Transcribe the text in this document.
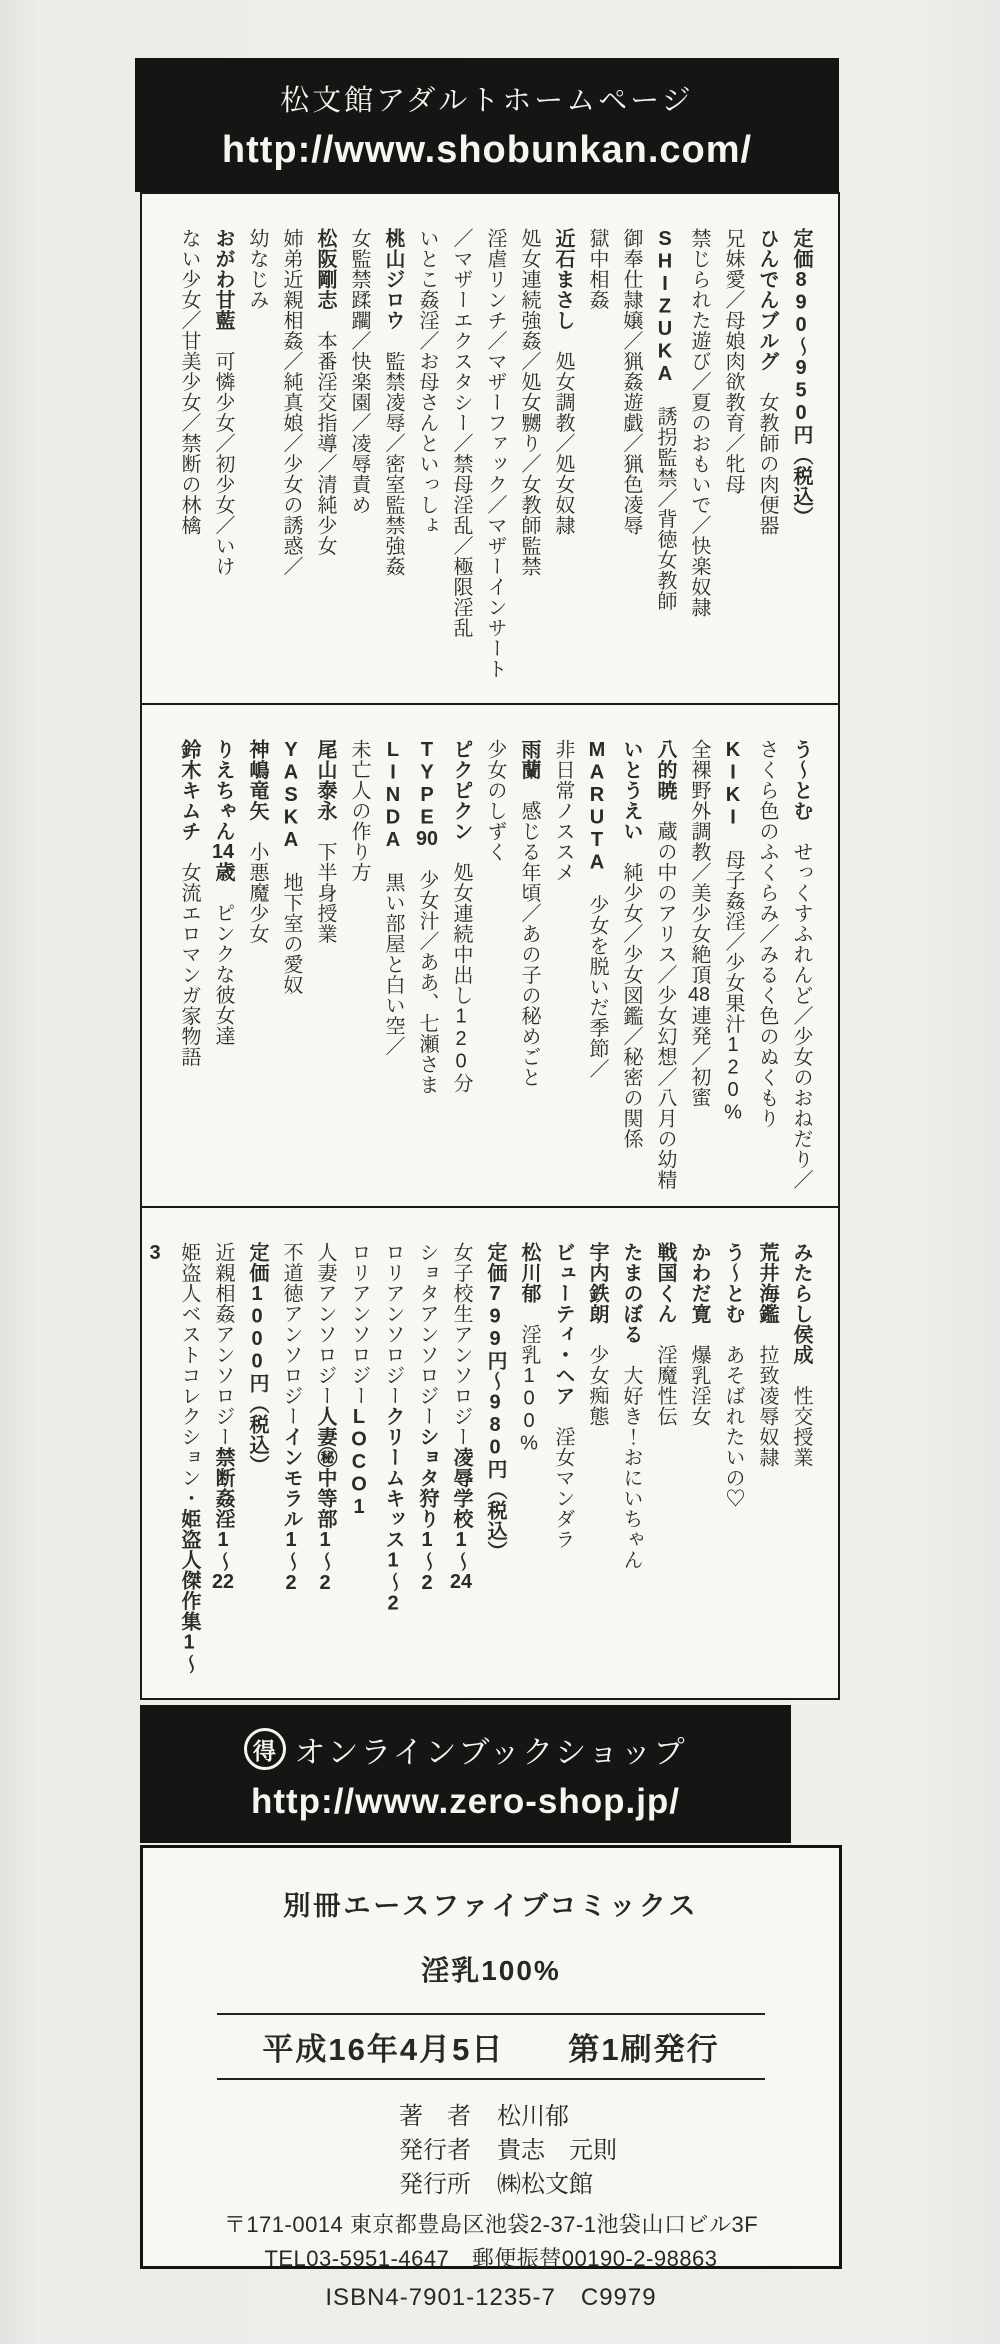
松文館アダルトホームページ
http://www.shobunkan.com/
定価890〜950円（税込）
ひんでんブルグ　女教師の肉便器
兄妹愛／母娘肉欲教育／牝母
禁じられた遊び／夏のおもいで／快楽奴隷
SHIZUKA　誘拐監禁／背徳女教師
御奉仕隷嬢／猟姦遊戯／猟色凌辱
獄中相姦
近石まさし　処女調教／処女奴隷
処女連続強姦／処女嬲り／女教師監禁
淫虐リンチ／マザーファック／マザーインサート
／マザーエクスタシー／禁母淫乱／極限淫乱
いとこ姦淫／お母さんといっしょ
桃山ジロウ　監禁凌辱／密室監禁強姦
女監禁蹂躙／快楽園／凌辱責め
松阪剛志　本番淫交指導／清純少女
姉弟近親相姦／純真娘／少女の誘惑／
幼なじみ
おがわ甘藍　可憐少女／初少女／いけ
ない少女／甘美少女／禁断の林檎
う〜とむ　せっくすふれんど／少女のおねだり／
さくら色のふくらみ／みるく色のぬくもり
KIKI　母子姦淫／少女果汁120%
全裸野外調教／美少女絶頂48連発／初蜜
八的暁　蔵の中のアリス／少女幻想／八月の幼精
いとうえい　純少女／少女図鑑／秘密の関係
MARUTA　少女を脱いだ季節／
非日常ノススメ
雨蘭　感じる年頃／あの子の秘めごと
少女のしずく
ピクピクン　処女連続中出し120分
TYPE90　少女汁／ああ、七瀬さま
LINDA　黒い部屋と白い空／
未亡人の作り方
尾山泰永　下半身授業
YASKA　地下室の愛奴
神嶋竜矢　小悪魔少女
りえちゃん14歳　ピンクな彼女達
鈴木キムチ　女流エロマンガ家物語
みたらし侯成　性交授業
荒井海鑑　拉致凌辱奴隷
う〜とむ　あそばれたいの♡
かわだ寛　爆乳淫女
戦国くん　淫魔性伝
たまのぼる　大好き！おにいちゃん
宇内鉄朗　少女痴態
ビューティ・ヘア　淫女マンダラ
松川郁　淫乳100%
定価799円〜980円（税込）
女子校生アンソロジー凌辱学校1〜24
ショタアンソロジーショタ狩り1〜2
ロリアンソロジークリームキッス1〜2
ロリアンソロジーLOCO1
人妻アンソロジー人妻㊙中等部1〜2
不道徳アンソロジーインモラル1〜2
定価1000円（税込）
近親相姦アンソロジー禁断姦淫1〜22
姫盗人ベストコレクション・姫盗人傑作集1〜3
得 オンラインブックショップ
http://www.zero-shop.jp/
別冊エースファイブコミックス
淫乳100%
平成16年4月5日 第1刷発行
著　者 松川郁
発行者 貴志　元則
発行所 ㈱松文館
〒171-0014 東京都豊島区池袋2-37-1池袋山口ビル3F
TEL03-5951-4647　郵便振替00190-2-98863
ISBN4-7901-1235-7　C9979
